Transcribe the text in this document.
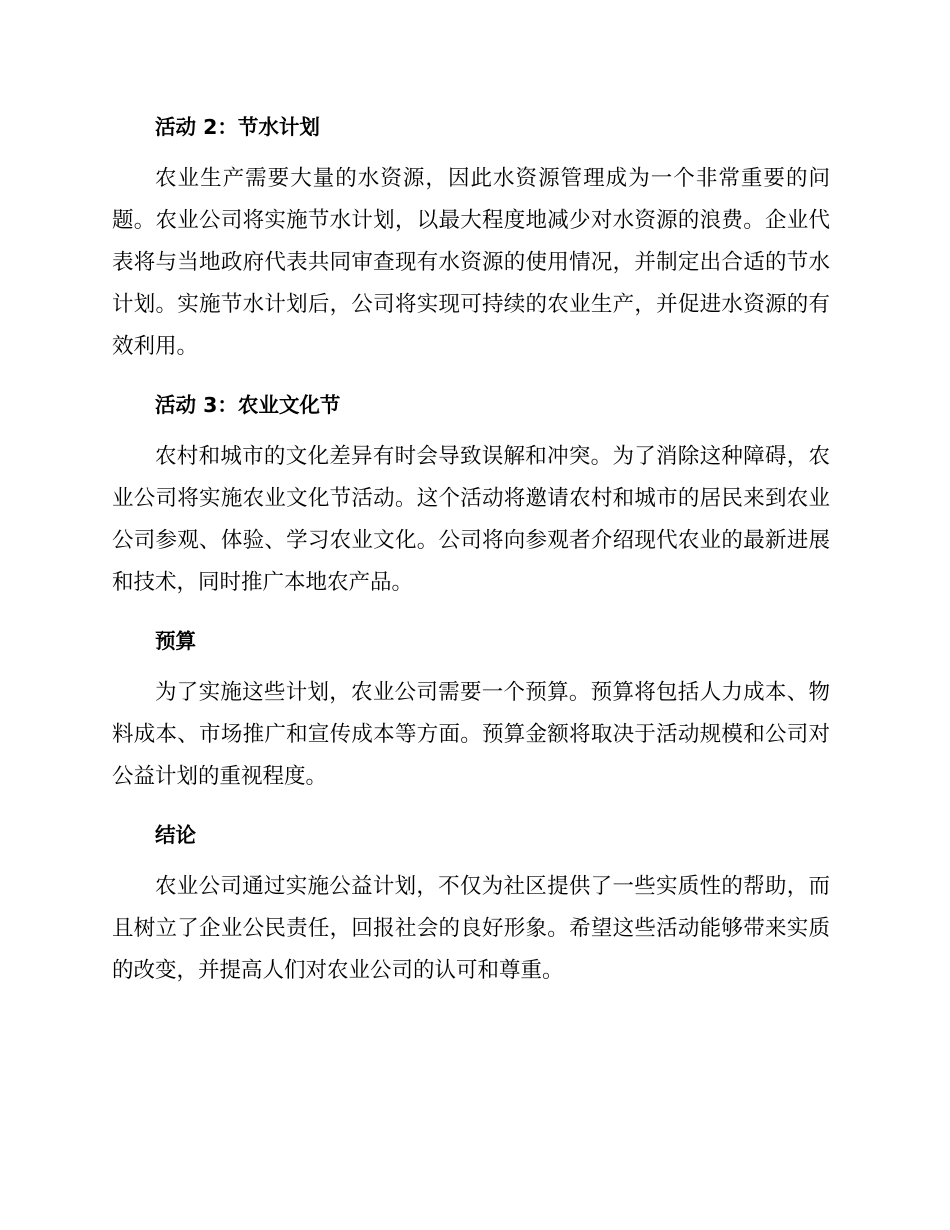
活动 2：节水计划

农业生产需要大量的水资源，因此水资源管理成为一个非常重要的问题。农业公司将实施节水计划，以最大程度地减少对水资源的浪费。企业代表将与当地政府代表共同审查现有水资源的使用情况，并制定出合适的节水计划。实施节水计划后，公司将实现可持续的农业生产，并促进水资源的有效利用。

活动 3：农业文化节

农村和城市的文化差异有时会导致误解和冲突。为了消除这种障碍，农业公司将实施农业文化节活动。这个活动将邀请农村和城市的居民来到农业公司参观、体验、学习农业文化。公司将向参观者介绍现代农业的最新进展和技术，同时推广本地农产品。

预算

为了实施这些计划，农业公司需要一个预算。预算将包括人力成本、物料成本、市场推广和宣传成本等方面。预算金额将取决于活动规模和公司对公益计划的重视程度。

结论

农业公司通过实施公益计划，不仅为社区提供了一些实质性的帮助，而且树立了企业公民责任，回报社会的良好形象。希望这些活动能够带来实质的改变，并提高人们对农业公司的认可和尊重。
